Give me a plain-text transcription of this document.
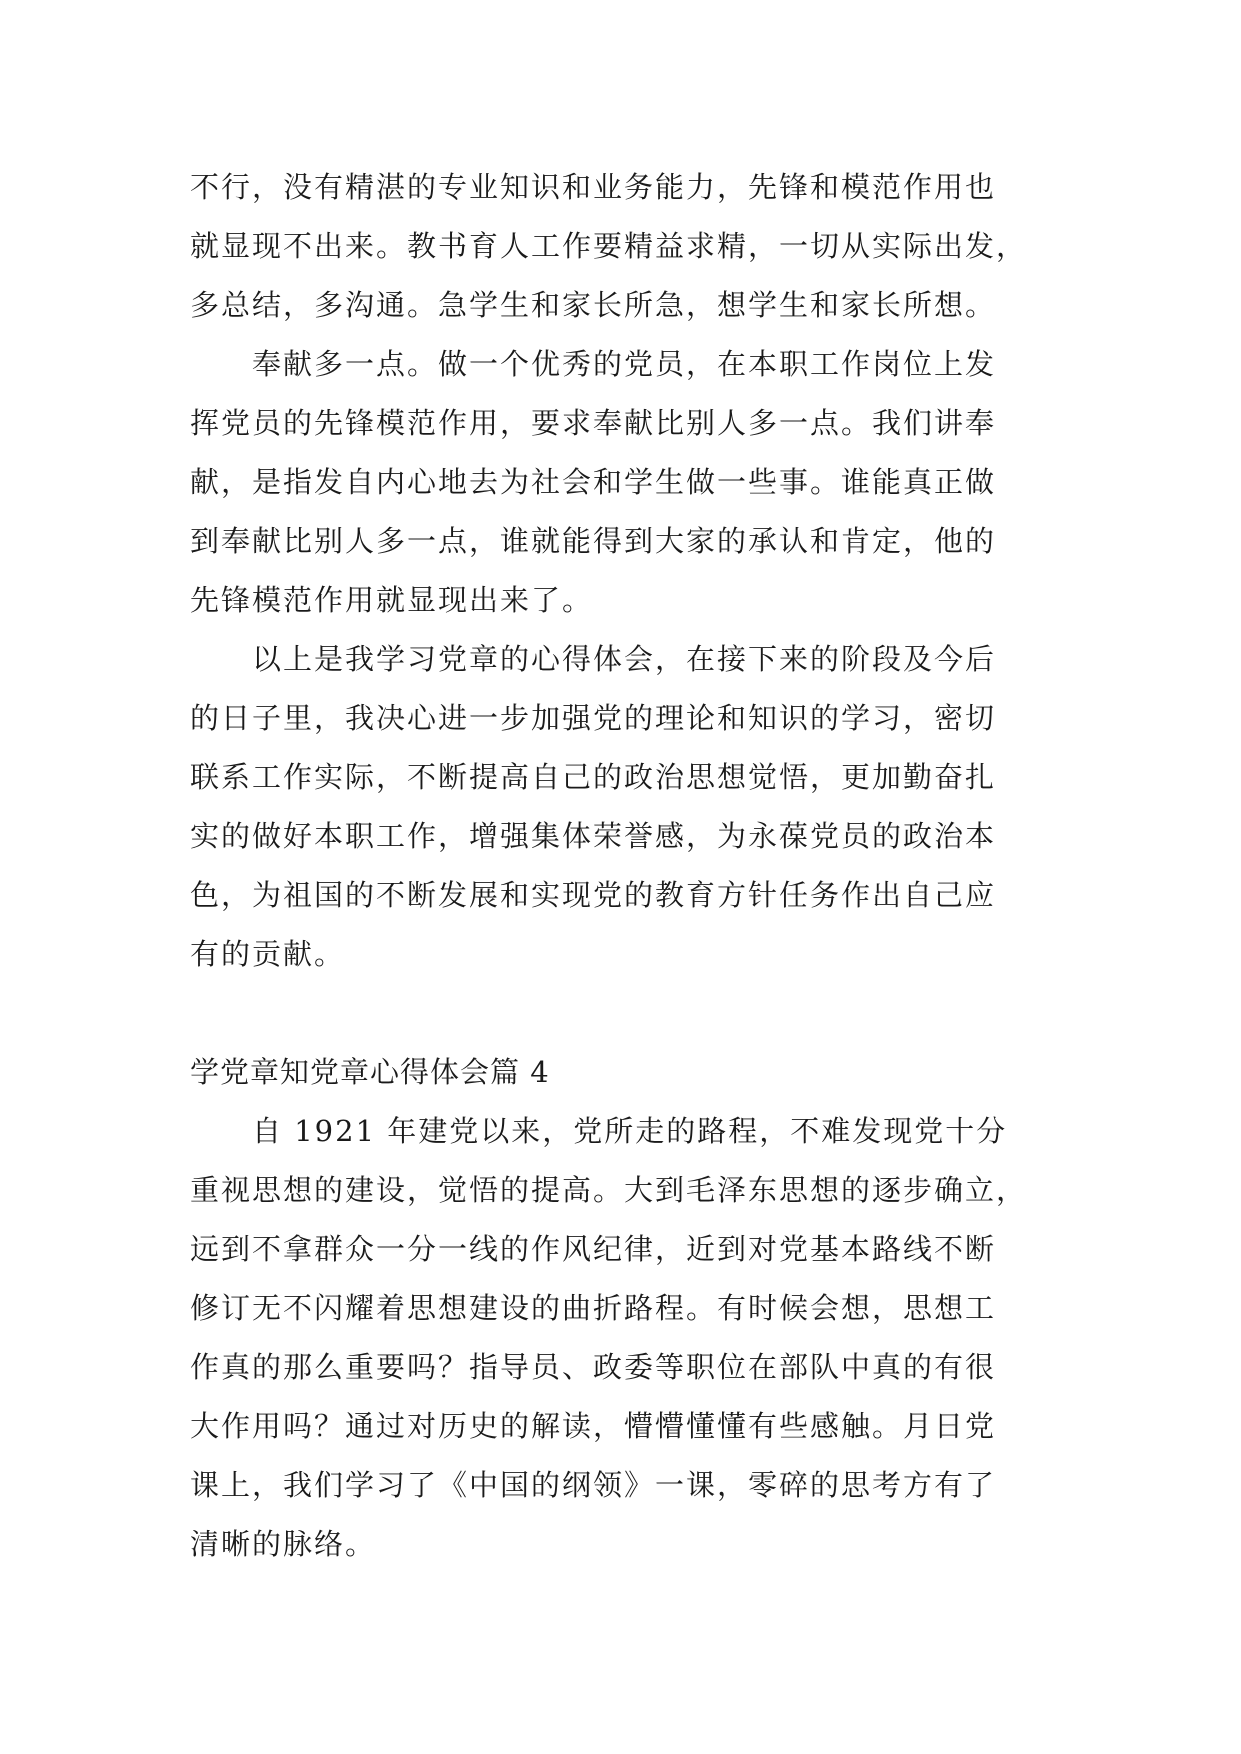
不行，没有精湛的专业知识和业务能力，先锋和模范作用也
就显现不出来。教书育人工作要精益求精，一切从实际出发，
多总结，多沟通。急学生和家长所急，想学生和家长所想。
　　奉献多一点。做一个优秀的党员，在本职工作岗位上发
挥党员的先锋模范作用，要求奉献比别人多一点。我们讲奉
献，是指发自内心地去为社会和学生做一些事。谁能真正做
到奉献比别人多一点，谁就能得到大家的承认和肯定，他的
先锋模范作用就显现出来了。
　　以上是我学习党章的心得体会，在接下来的阶段及今后
的日子里，我决心进一步加强党的理论和知识的学习，密切
联系工作实际，不断提高自己的政治思想觉悟，更加勤奋扎
实的做好本职工作，增强集体荣誉感，为永葆党员的政治本
色，为祖国的不断发展和实现党的教育方针任务作出自己应
有的贡献。
学党章知党章心得体会篇 4
　　自 1921 年建党以来，党所走的路程，不难发现党十分
重视思想的建设，觉悟的提高。大到毛泽东思想的逐步确立，
远到不拿群众一分一线的作风纪律，近到对党基本路线不断
修订无不闪耀着思想建设的曲折路程。有时候会想，思想工
作真的那么重要吗？指导员、政委等职位在部队中真的有很
大作用吗？通过对历史的解读，懵懵懂懂有些感触。月日党
课上，我们学习了《中国的纲领》一课，零碎的思考方有了
清晰的脉络。
